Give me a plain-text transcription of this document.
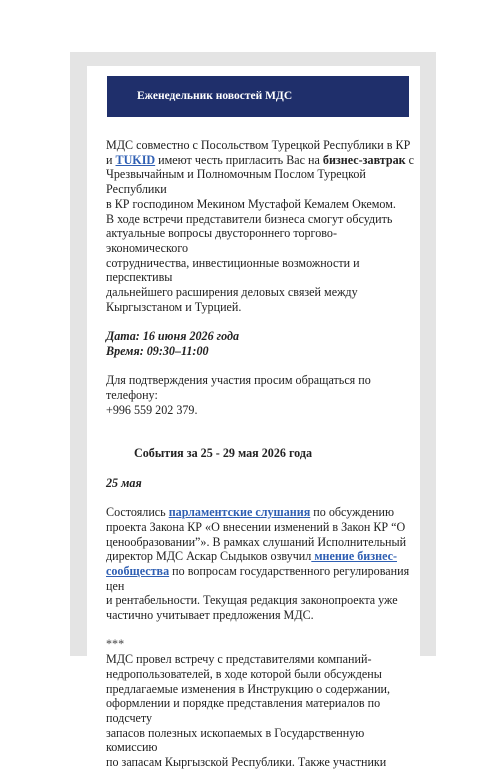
Еженедельник новостей МДС

МДС совместно с Посольством Турецкой Республики в КР
и TUKID имеют честь пригласить Вас на бизнес-завтрак с
Чрезвычайным и Полномочным Послом Турецкой Республики
в КР господином Мекином Мустафой Кемалем Окемом.
В ходе встречи представители бизнеса смогут обсудить
актуальные вопросы двустороннего торгово-экономического
сотрудничества, инвестиционные возможности и перспективы
дальнейшего расширения деловых связей между
Кыргызстаном и Турцией.

Дата: 16 июня 2026 года
Время: 09:30–11:00

Для подтверждения участия просим обращаться по телефону:
+996 559 202 379.

События за 25 - 29 мая 2026 года

25 мая

Состоялись парламентские слушания по обсуждению
проекта Закона КР «О внесении изменений в Закон КР “О
ценообразовании”». В рамках слушаний Исполнительный
директор МДС Аскар Сыдыков озвучил мнение бизнес-
сообщества по вопросам государственного регулирования цен
и рентабельности. Текущая редакция законопроекта уже
частично учитывает предложения МДС.

***

МДС провел встречу с представителями компаний-
недропользователей, в ходе которой были обсуждены
предлагаемые изменения в Инструкцию о содержании,
оформлении и порядке представления материалов по подсчету
запасов полезных ископаемых в Государственную комиссию
по запасам Кыргызской Республики. Также участники
